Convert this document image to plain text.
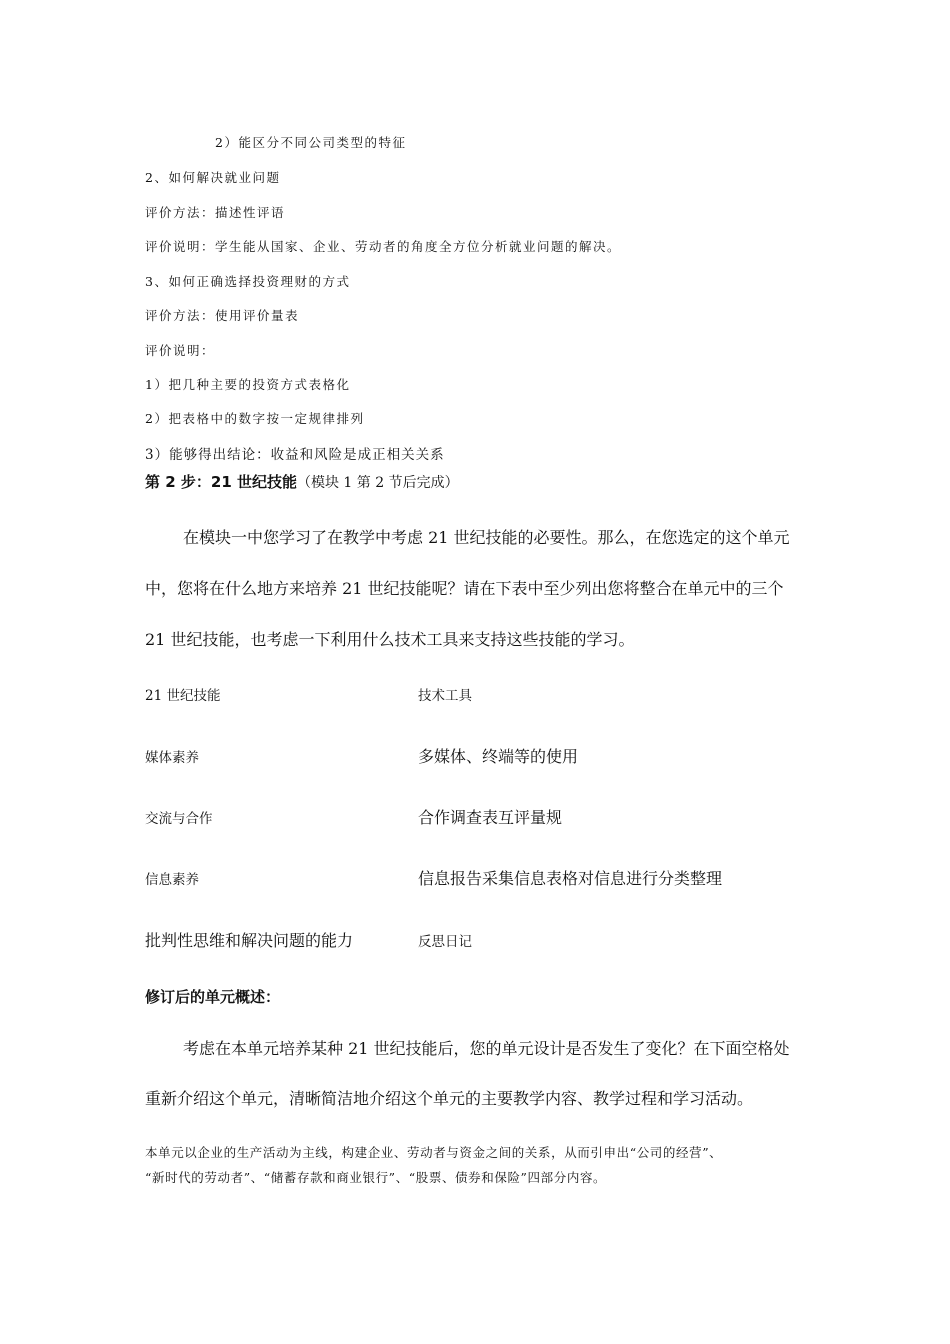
2）能区分不同公司类型的特征
2、如何解决就业问题
评价方法：描述性评语
评价说明：学生能从国家、企业、劳动者的角度全方位分析就业问题的解决。
3、如何正确选择投资理财的方式
评价方法：使用评价量表
评价说明：
1）把几种主要的投资方式表格化
2）把表格中的数字按一定规律排列
3）能够得出结论：收益和风险是成正相关关系
第 2 步：21 世纪技能（模块 1 第 2 节后完成）
在模块一中您学习了在教学中考虑 21 世纪技能的必要性。那么，在您选定的这个单元
中，您将在什么地方来培养 21 世纪技能呢？请在下表中至少列出您将整合在单元中的三个
21 世纪技能，也考虑一下利用什么技术工具来支持这些技能的学习。
21 世纪技能	技术工具
媒体素养	多媒体、终端等的使用
交流与合作	合作调查表互评量规
信息素养	信息报告采集信息表格对信息进行分类整理
批判性思维和解决问题的能力	反思日记
修订后的单元概述：
考虑在本单元培养某种 21 世纪技能后，您的单元设计是否发生了变化？在下面空格处
重新介绍这个单元，清晰简洁地介绍这个单元的主要教学内容、教学过程和学习活动。
本单元以企业的生产活动为主线，构建企业、劳动者与资金之间的关系，从而引申出“公司的经营”、
“新时代的劳动者”、“储蓄存款和商业银行”、“股票、债券和保险”四部分内容。
